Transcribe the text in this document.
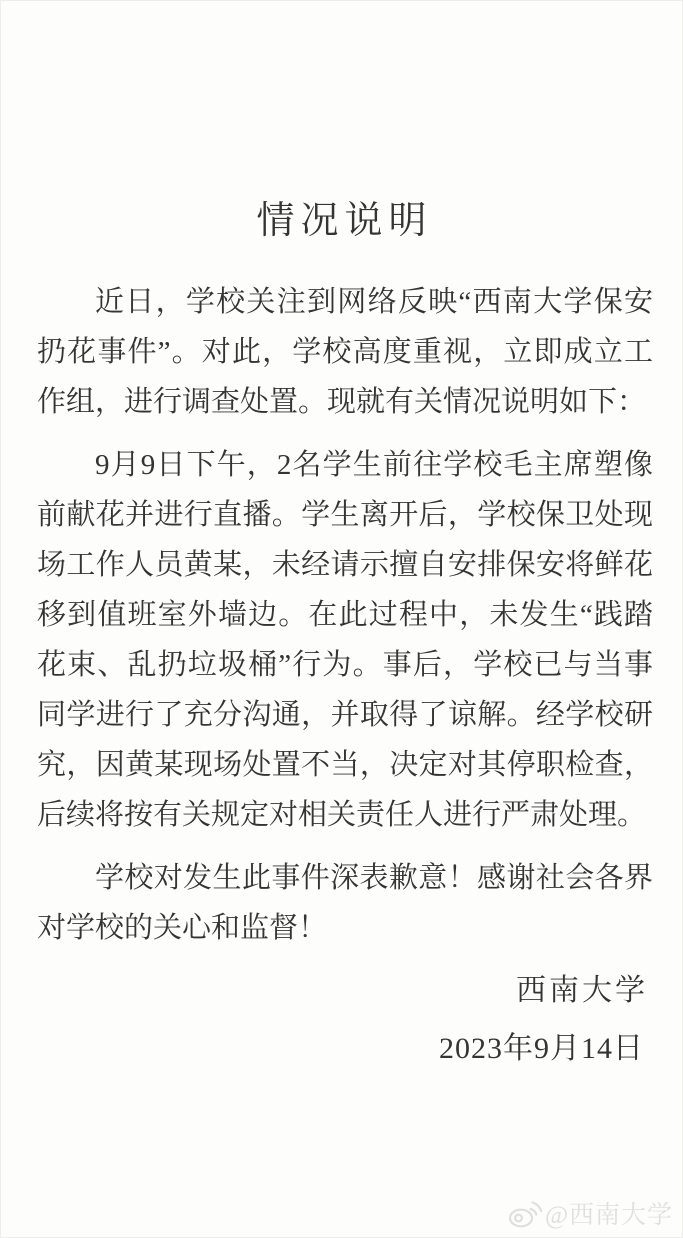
情况说明

近日，学校关注到网络反映“西南大学保安扔花事件”。对此，学校高度重视，立即成立工作组，进行调查处置。现就有关情况说明如下：

9月9日下午，2名学生前往学校毛主席塑像前献花并进行直播。学生离开后，学校保卫处现场工作人员黄某，未经请示擅自安排保安将鲜花移到值班室外墙边。在此过程中，未发生“践踏花束、乱扔垃圾桶”行为。事后，学校已与当事同学进行了充分沟通，并取得了谅解。经学校研究，因黄某现场处置不当，决定对其停职检查，后续将按有关规定对相关责任人进行严肃处理。

学校对发生此事件深表歉意！感谢社会各界对学校的关心和监督！

西南大学
2023年9月14日
@西南大学
